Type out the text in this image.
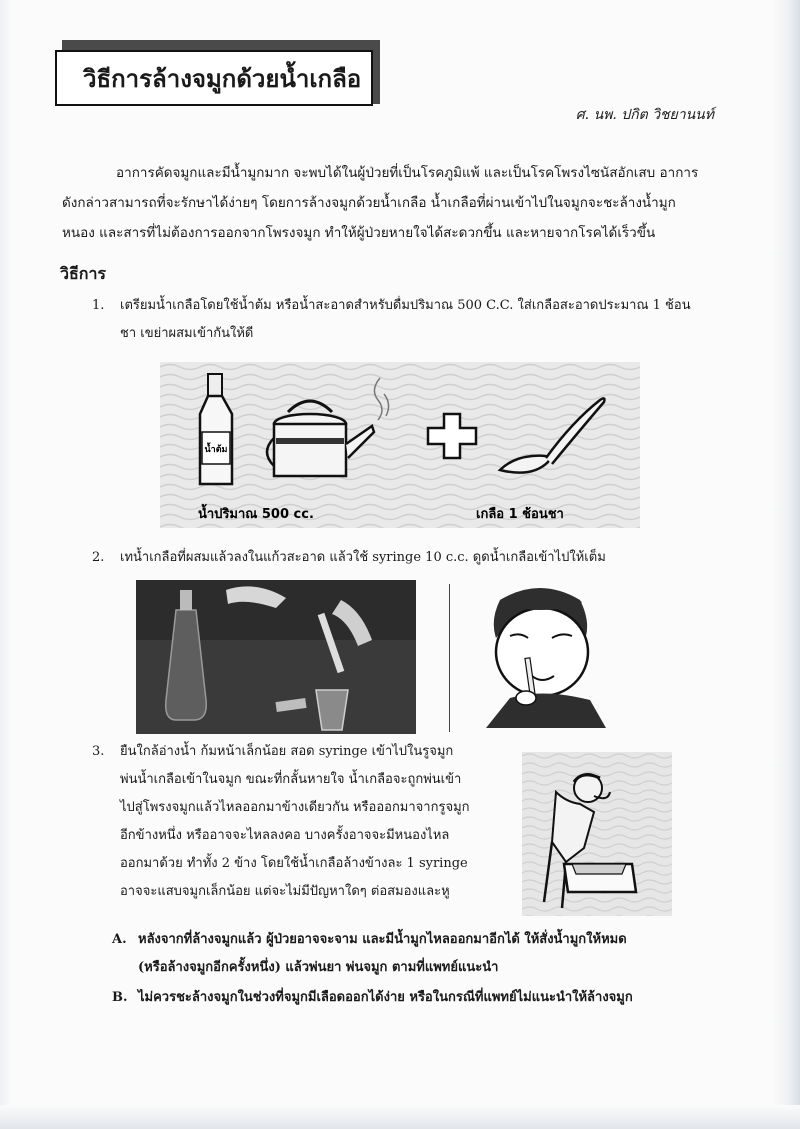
วิธีการล้างจมูกด้วยน้ำเกลือ
ศ. นพ. ปกิต วิชยานนท์
อาการคัดจมูกและมีน้ำมูกมาก จะพบได้ในผู้ป่วยที่เป็นโรคภูมิแพ้ และเป็นโรคโพรงไซนัสอักเสบ อาการ
ดังกล่าวสามารถที่จะรักษาได้ง่ายๆ โดยการล้างจมูกด้วยน้ำเกลือ น้ำเกลือที่ผ่านเข้าไปในจมูกจะชะล้างน้ำมูก
หนอง และสารที่ไม่ต้องการออกจากโพรงจมูก ทำให้ผู้ป่วยหายใจได้สะดวกขึ้น และหายจากโรคได้เร็วขึ้น
วิธีการ
1. เตรียมน้ำเกลือโดยใช้น้ำต้ม หรือน้ำสะอาดสำหรับดื่มปริมาณ 500 C.C. ใส่เกลือสะอาดประมาณ 1 ช้อน
ชา เขย่าผสมเข้ากันให้ดี
น้ำต้ม
น้ำปริมาณ 500 cc.	เกลือ 1 ช้อนชา
2. เทน้ำเกลือที่ผสมแล้วลงในแก้วสะอาด แล้วใช้ syringe 10 c.c. ดูดน้ำเกลือเข้าไปให้เต็ม
3. ยืนใกล้อ่างน้ำ ก้มหน้าเล็กน้อย สอด syringe เข้าไปในรูจมูก
พ่นน้ำเกลือเข้าในจมูก ขณะที่กลั้นหายใจ น้ำเกลือจะถูกพ่นเข้า
ไปสู่โพรงจมูกแล้วไหลออกมาข้างเดียวกัน หรือออกมาจากรูจมูก
อีกข้างหนึ่ง หรืออาจจะไหลลงคอ บางครั้งอาจจะมีหนองไหล
ออกมาด้วย ทำทั้ง 2 ข้าง โดยใช้น้ำเกลือล้างข้างละ 1 syringe
อาจจะแสบจมูกเล็กน้อย แต่จะไม่มีปัญหาใดๆ ต่อสมองและหู
A. หลังจากที่ล้างจมูกแล้ว ผู้ป่วยอาจจะจาม และมีน้ำมูกไหลออกมาอีกได้ ให้สั่งน้ำมูกให้หมด
(หรือล้างจมูกอีกครั้งหนึ่ง) แล้วพ่นยา พ่นจมูก ตามที่แพทย์แนะนำ
B. ไม่ควรชะล้างจมูกในช่วงที่จมูกมีเลือดออกได้ง่าย หรือในกรณีที่แพทย์ไม่แนะนำให้ล้างจมูก
